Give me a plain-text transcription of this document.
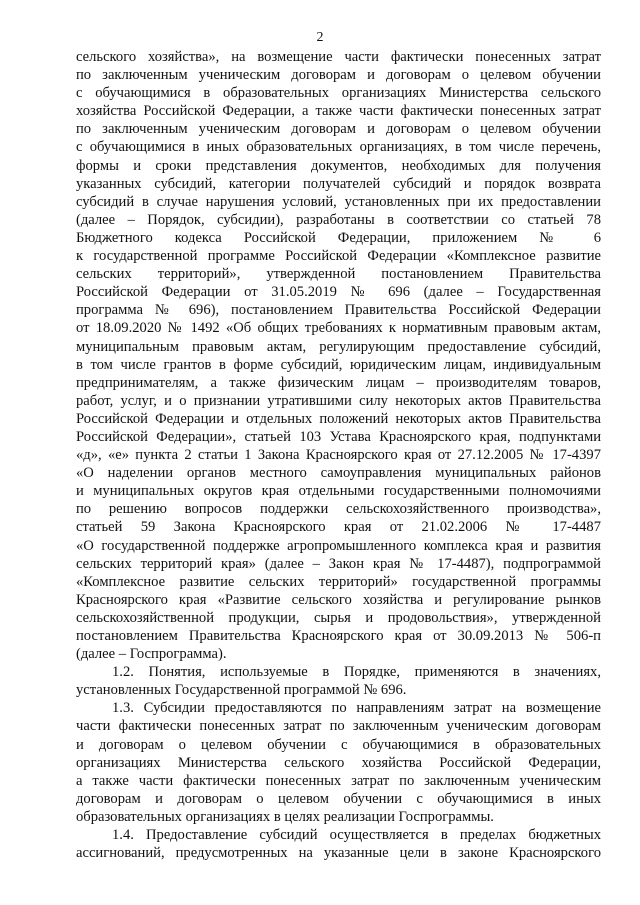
2
сельского хозяйства», на возмещение части фактически понесенных затрат
по заключенным ученическим договорам и договорам о целевом обучении
с обучающимися в образовательных организациях Министерства сельского
хозяйства Российской Федерации, а также части фактически понесенных затрат
по заключенным ученическим договорам и договорам о целевом обучении
с обучающимися в иных образовательных организациях, в том числе перечень,
формы и сроки представления документов, необходимых для получения
указанных субсидий, категории получателей субсидий и порядок возврата
субсидий в случае нарушения условий, установленных при их предоставлении
(далее – Порядок, субсидии), разработаны в соответствии со статьей 78
Бюджетного кодекса Российской Федерации, приложением № 6
к государственной программе Российской Федерации «Комплексное развитие
сельских территорий», утвержденной постановлением Правительства
Российской Федерации от 31.05.2019 № 696 (далее – Государственная
программа № 696), постановлением Правительства Российской Федерации
от 18.09.2020 № 1492 «Об общих требованиях к нормативным правовым актам,
муниципальным правовым актам, регулирующим предоставление субсидий,
в том числе грантов в форме субсидий, юридическим лицам, индивидуальным
предпринимателям, а также физическим лицам – производителям товаров,
работ, услуг, и о признании утратившими силу некоторых актов Правительства
Российской Федерации и отдельных положений некоторых актов Правительства
Российской Федерации», статьей 103 Устава Красноярского края, подпунктами
«д», «е» пункта 2 статьи 1 Закона Красноярского края от 27.12.2005 № 17-4397
«О наделении органов местного самоуправления муниципальных районов
и муниципальных округов края отдельными государственными полномочиями
по решению вопросов поддержки сельскохозяйственного производства»,
статьей 59 Закона Красноярского края от 21.02.2006 № 17-4487
«О государственной поддержке агропромышленного комплекса края и развития
сельских территорий края» (далее – Закон края № 17-4487), подпрограммой
«Комплексное развитие сельских территорий» государственной программы
Красноярского края «Развитие сельского хозяйства и регулирование рынков
сельскохозяйственной продукции, сырья и продовольствия», утвержденной
постановлением Правительства Красноярского края от 30.09.2013 № 506-п
(далее – Госпрограмма).
1.2. Понятия, используемые в Порядке, применяются в значениях,
установленных Государственной программой № 696.
1.3. Субсидии предоставляются по направлениям затрат на возмещение
части фактически понесенных затрат по заключенным ученическим договорам
и договорам о целевом обучении с обучающимися в образовательных
организациях Министерства сельского хозяйства Российской Федерации,
а также части фактически понесенных затрат по заключенным ученическим
договорам и договорам о целевом обучении с обучающимися в иных
образовательных организациях в целях реализации Госпрограммы.
1.4. Предоставление субсидий осуществляется в пределах бюджетных
ассигнований, предусмотренных на указанные цели в законе Красноярского
